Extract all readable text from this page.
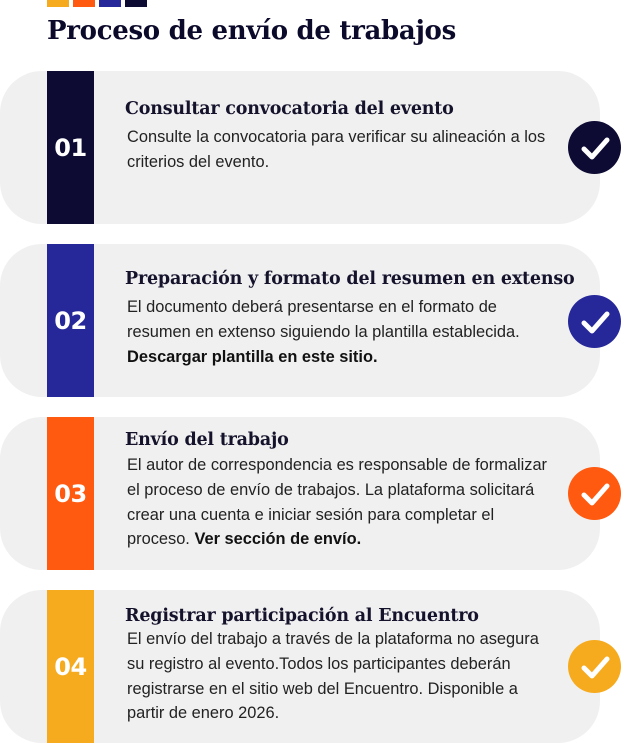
Proceso de envío de trabajos
01
Consultar convocatoria del evento

Consulte la convocatoria para verificar su alineación a los criterios del evento.

02
Preparación y formato del resumen en extenso

El documento deberá presentarse en el formato de resumen en extenso siguiendo la plantilla establecida. Descargar plantilla en este sitio.

03
Envío del trabajo

El autor de correspondencia es responsable de formalizar el proceso de envío de trabajos. La plataforma solicitará crear una cuenta e iniciar sesión para completar el proceso. Ver sección de envío.

04
Registrar participación al Encuentro

El envío del trabajo a través de la plataforma no asegura su registro al evento.Todos los participantes deberán registrarse en el sitio web del Encuentro. Disponible a partir de enero 2026.
